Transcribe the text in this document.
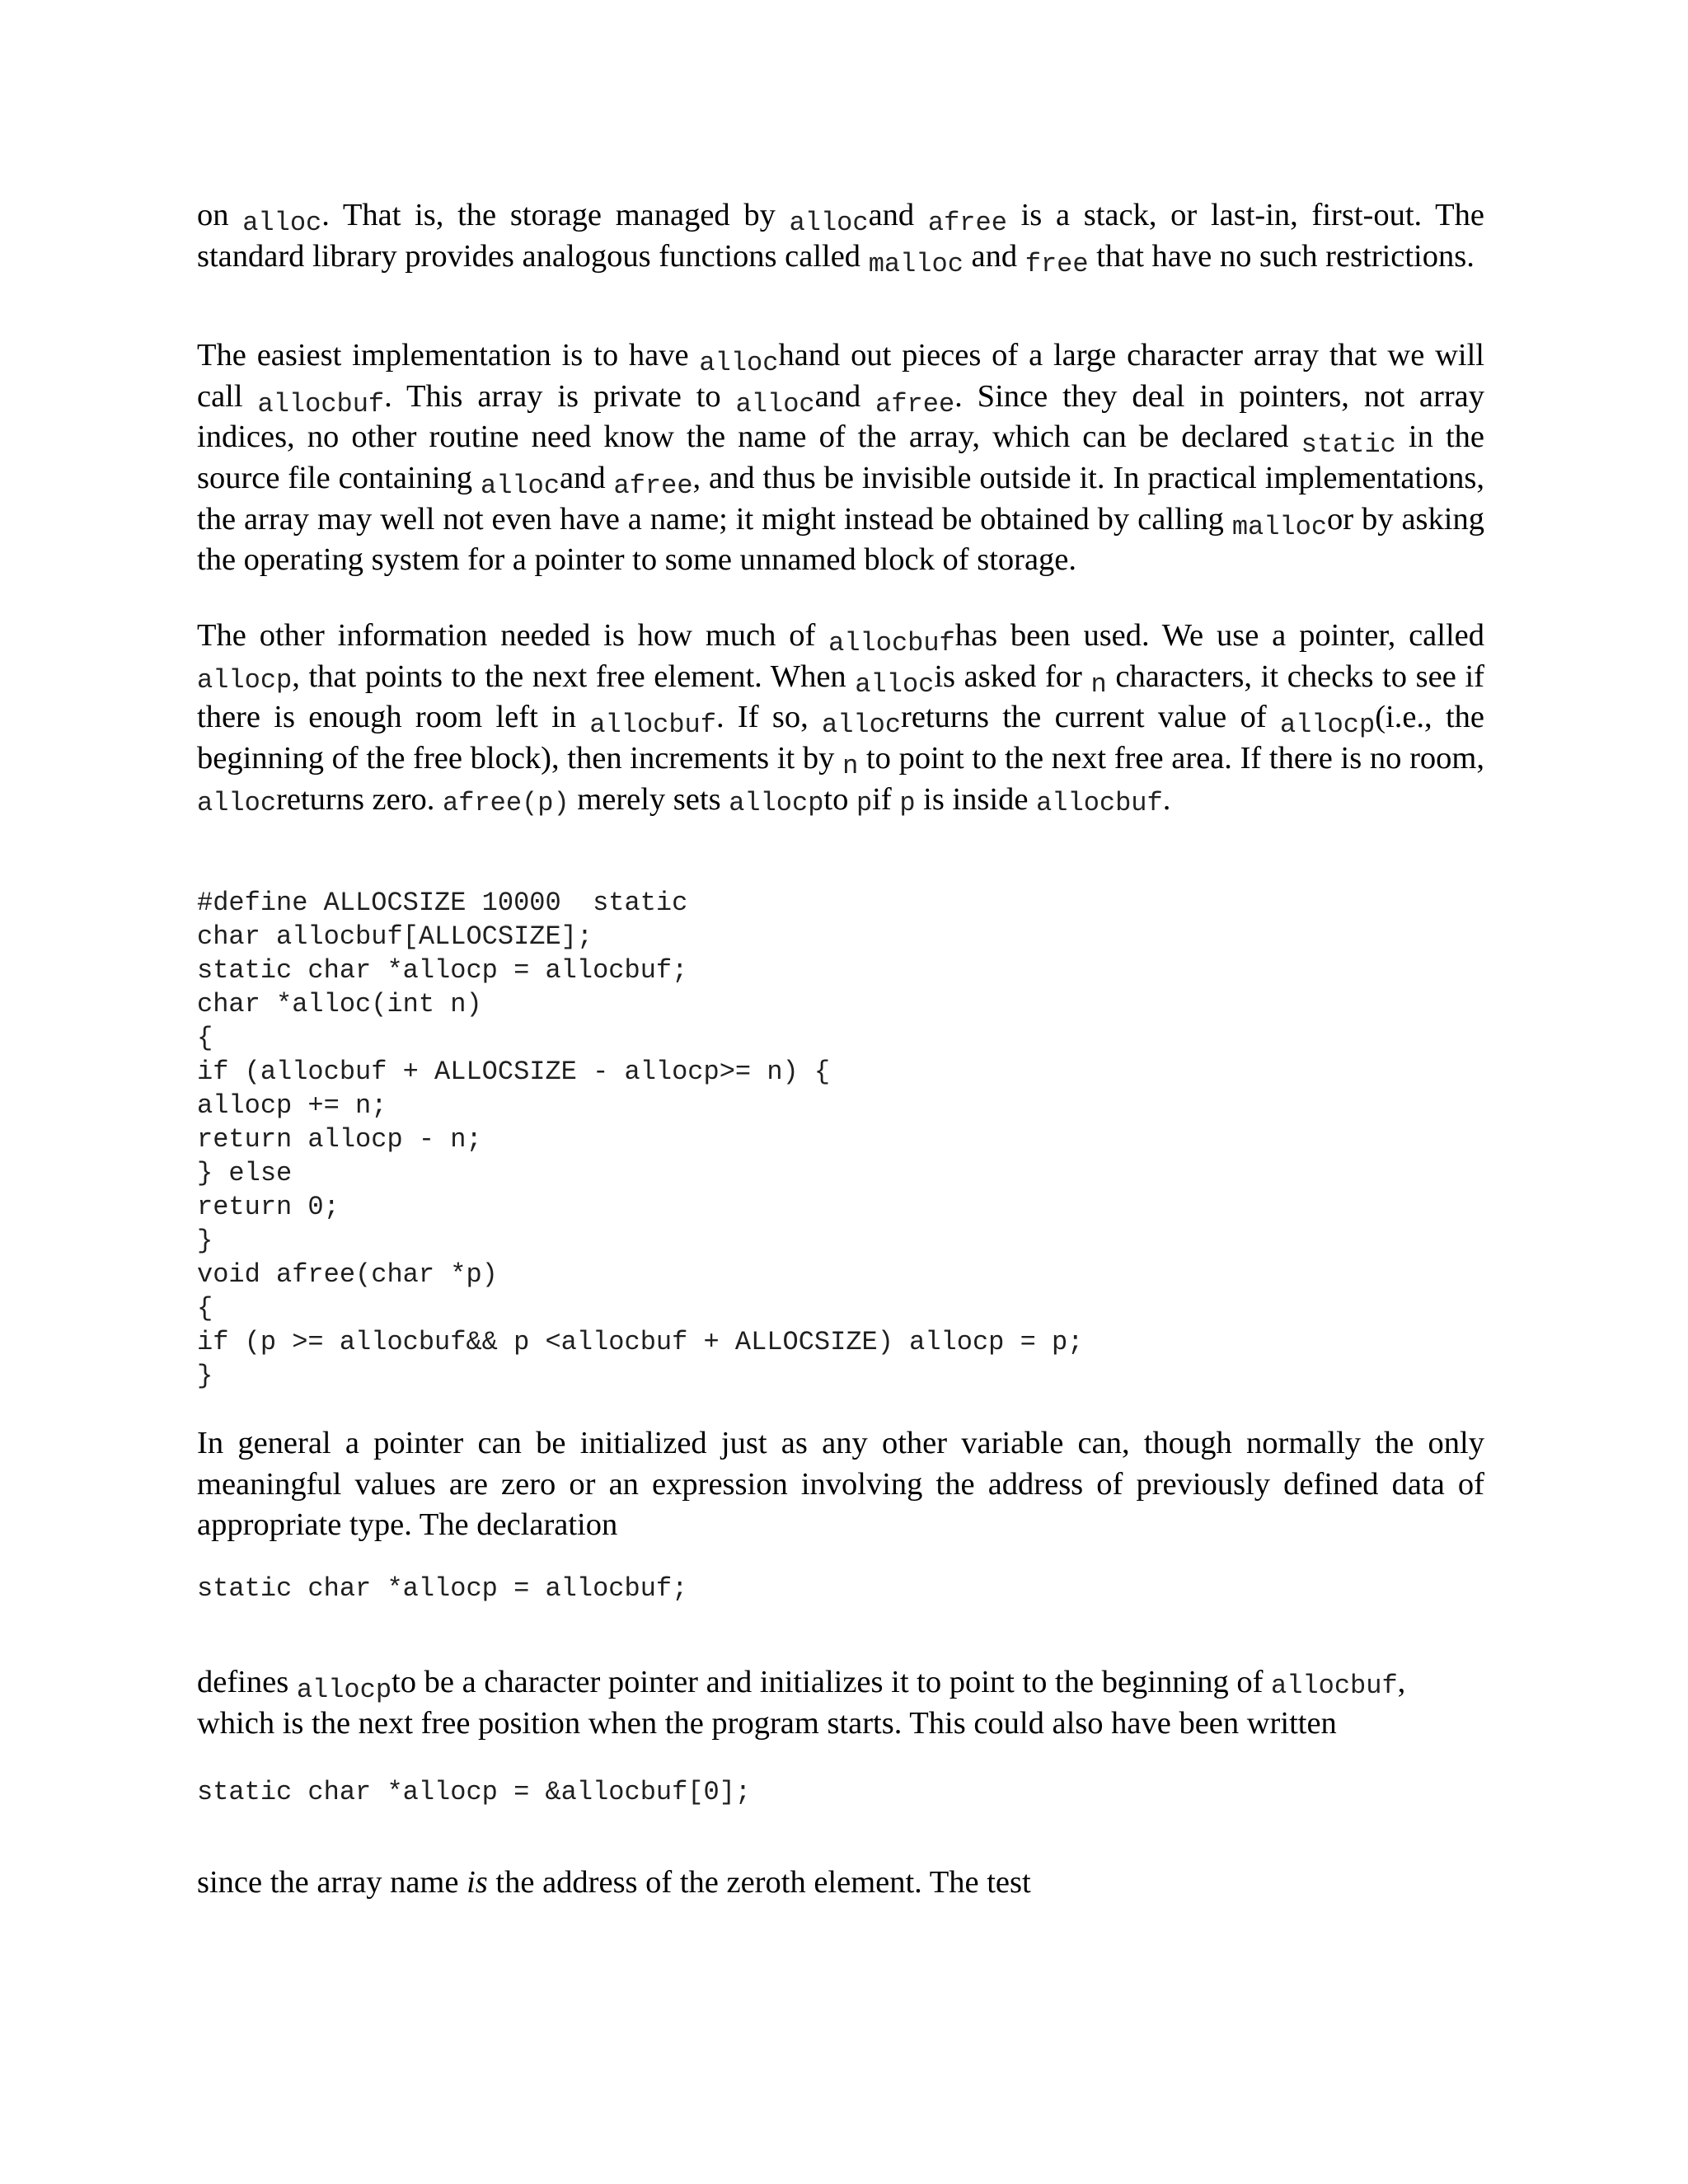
on alloc. That is, the storage managed by allocand afree is a stack, or last-in, first-out. The standard library provides analogous functions called malloc and free that have no such restrictions.

The easiest implementation is to have allochand out pieces of a large character array that we will call allocbuf. This array is private to allocand afree. Since they deal in pointers, not array indices, no other routine need know the name of the array, which can be declared static in the source file containing allocand afree, and thus be invisible outside it. In practical implementations, the array may well not even have a name; it might instead be obtained by calling mallocor by asking the operating system for a pointer to some unnamed block of storage.

The other information needed is how much of allocbufhas been used. We use a pointer, called allocp, that points to the next free element. When allocis asked for n characters, it checks to see if there is enough room left in allocbuf. If so, allocreturns the current value of allocp(i.e., the beginning of the free block), then increments it by n to point to the next free area. If there is no room, allocreturns zero. afree(p) merely sets allocpto pif p is inside allocbuf.

#define ALLOCSIZE 10000  static
char allocbuf[ALLOCSIZE];
static char *allocp = allocbuf;
char *alloc(int n)
{
if (allocbuf + ALLOCSIZE - allocp>= n) {
allocp += n;
return allocp - n;
} else
return 0;
}
void afree(char *p)
{
if (p >= allocbuf&& p <allocbuf + ALLOCSIZE) allocp = p;
}

In general a pointer can be initialized just as any other variable can, though normally the only meaningful values are zero or an expression involving the address of previously defined data of appropriate type. The declaration

static char *allocp = allocbuf;

defines allocpto be a character pointer and initializes it to point to the beginning of allocbuf, which is the next free position when the program starts. This could also have been written

static char *allocp = &allocbuf[0];

since the array name is the address of the zeroth element. The test
